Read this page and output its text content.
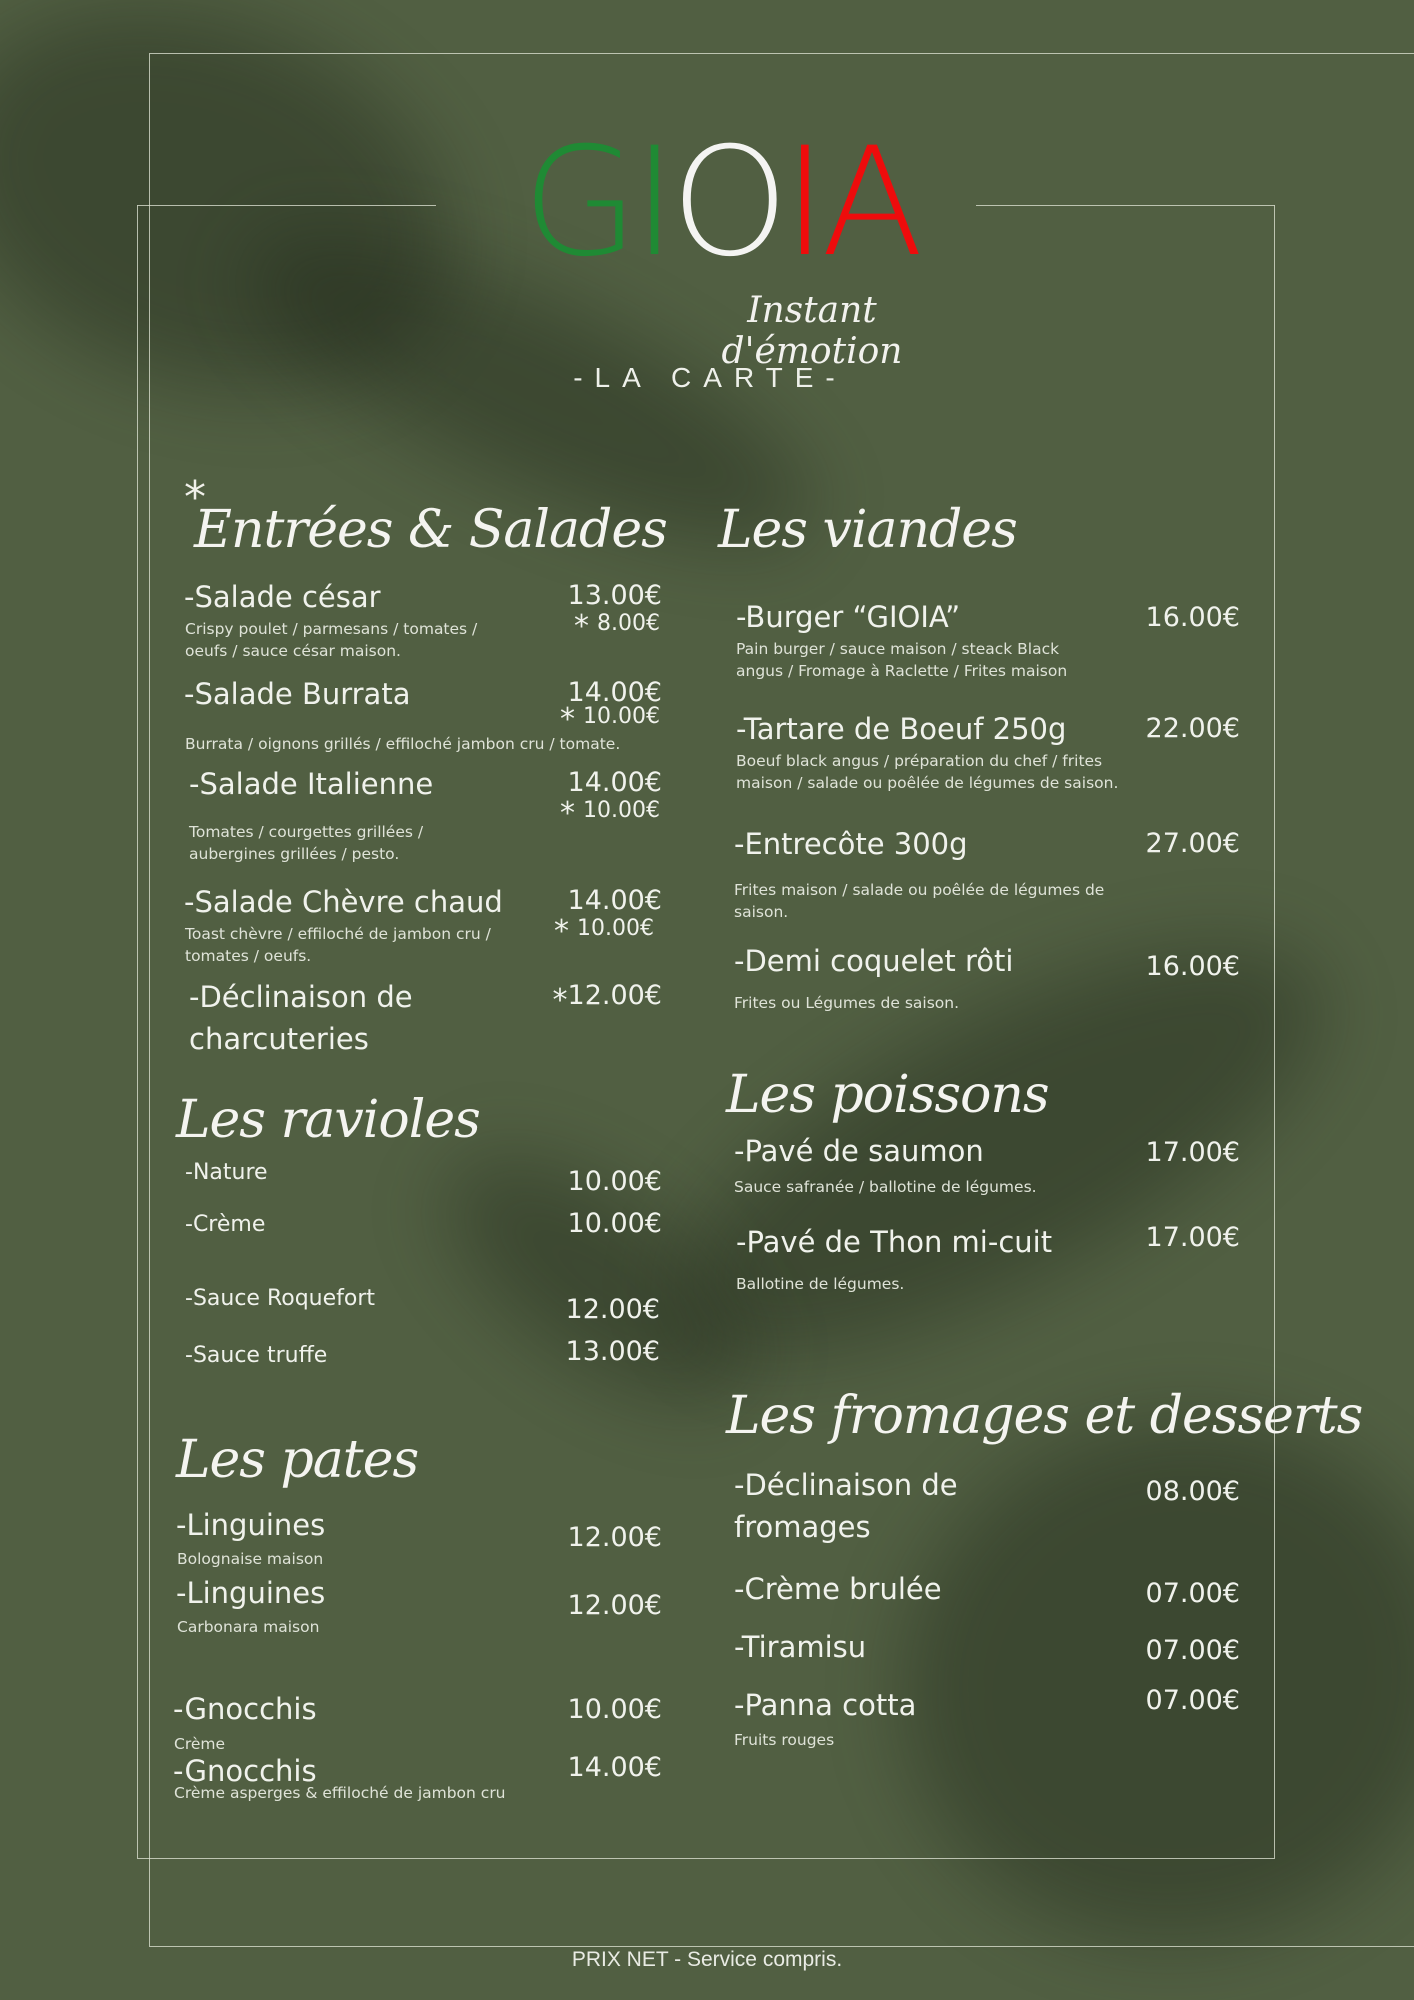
GIOIA
Instant d'émotion
-LA CARTE-
*
Entrées & Salades
-Salade césar	13.00€
* 8.00€
Crispy poulet / parmesans / tomates / oeufs / sauce césar maison.
-Salade Burrata	14.00€
* 10.00€
Burrata / oignons grillés / effiloché jambon cru / tomate.
-Salade Italienne	14.00€
* 10.00€
Tomates / courgettes grillées / aubergines grillées / pesto.
-Salade Chèvre chaud	14.00€
* 10.00€
Toast chèvre / effiloché de jambon cru / tomates / oeufs.
-Déclinaison de
charcuteries
*12.00€
Les ravioles
-Nature	10.00€
-Crème	10.00€
-Sauce Roquefort	12.00€
-Sauce truffe	13.00€
Les pates
-Linguines	12.00€
Bolognaise maison
-Linguines	12.00€
Carbonara maison
-Gnocchis	10.00€
Crème
-Gnocchis	14.00€
Crème asperges & effiloché de jambon cru
Les viandes
-Burger “GIOIA”	16.00€
Pain burger / sauce maison / steack Black angus / Fromage à Raclette / Frites maison
-Tartare de Boeuf 250g	22.00€
Boeuf black angus / préparation du chef / frites maison / salade ou poêlée de légumes de saison.
-Entrecôte 300g	27.00€
Frites maison / salade ou poêlée de légumes de saison.
-Demi coquelet rôti	16.00€
Frites ou Légumes de saison.
Les poissons
-Pavé de saumon	17.00€
Sauce safranée / ballotine de légumes.
-Pavé de Thon mi-cuit	17.00€
Ballotine de légumes.
Les fromages et desserts
-Déclinaison de
fromages
08.00€
-Crème brulée	07.00€
-Tiramisu	07.00€
-Panna cotta	07.00€
Fruits rouges
PRIX NET - Service compris.
